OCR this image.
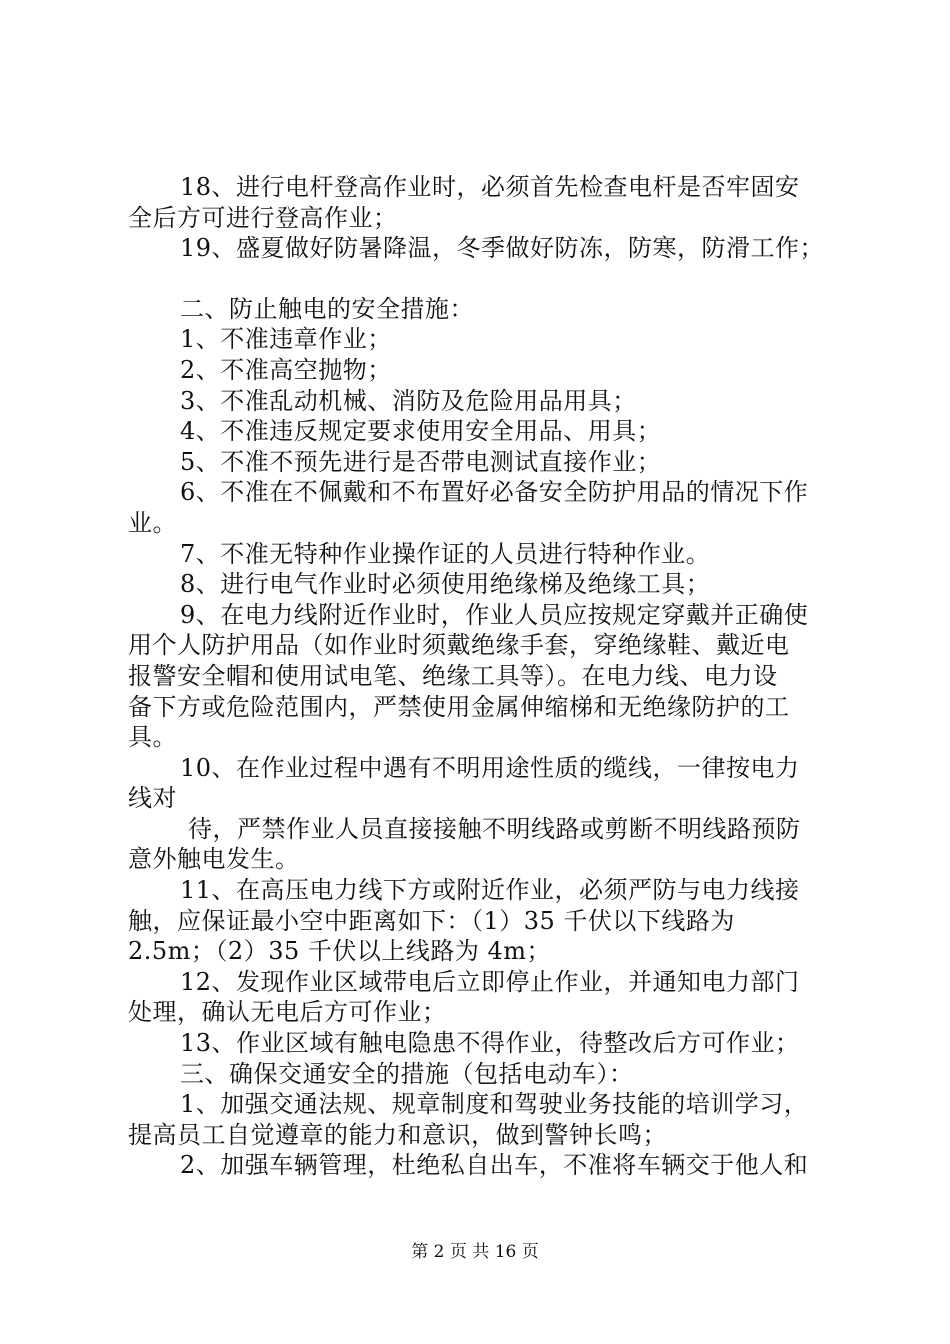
18、进行电杆登高作业时，必须首先检查电杆是否牢固安
全后方可进行登高作业；
19、盛夏做好防暑降温，冬季做好防冻，防寒，防滑工作；
二、防止触电的安全措施：
1、不准违章作业；
2、不准高空抛物；
3、不准乱动机械、消防及危险用品用具；
4、不准违反规定要求使用安全用品、用具；
5、不准不预先进行是否带电测试直接作业；
6、不准在不佩戴和不布置好必备安全防护用品的情况下作
业。
7、不准无特种作业操作证的人员进行特种作业。
8、进行电气作业时必须使用绝缘梯及绝缘工具；
9、在电力线附近作业时，作业人员应按规定穿戴并正确使
用个人防护用品（如作业时须戴绝缘手套，穿绝缘鞋、戴近电
报警安全帽和使用试电笔、绝缘工具等）。在电力线、电力设
备下方或危险范围内，严禁使用金属伸缩梯和无绝缘防护的工
具。
10、在作业过程中遇有不明用途性质的缆线，一律按电力
线对
待，严禁作业人员直接接触不明线路或剪断不明线路预防
意外触电发生。
11、在高压电力线下方或附近作业，必须严防与电力线接
触，应保证最小空中距离如下：（1）35 千伏以下线路为
2.5m；（2）35 千伏以上线路为 4m；
12、发现作业区域带电后立即停止作业，并通知电力部门
处理，确认无电后方可作业；
13、作业区域有触电隐患不得作业，待整改后方可作业；
三、确保交通安全的措施（包括电动车）：
1、加强交通法规、规章制度和驾驶业务技能的培训学习，
提高员工自觉遵章的能力和意识，做到警钟长鸣；
2、加强车辆管理，杜绝私自出车，不准将车辆交于他人和
第 2 页 共 16 页
